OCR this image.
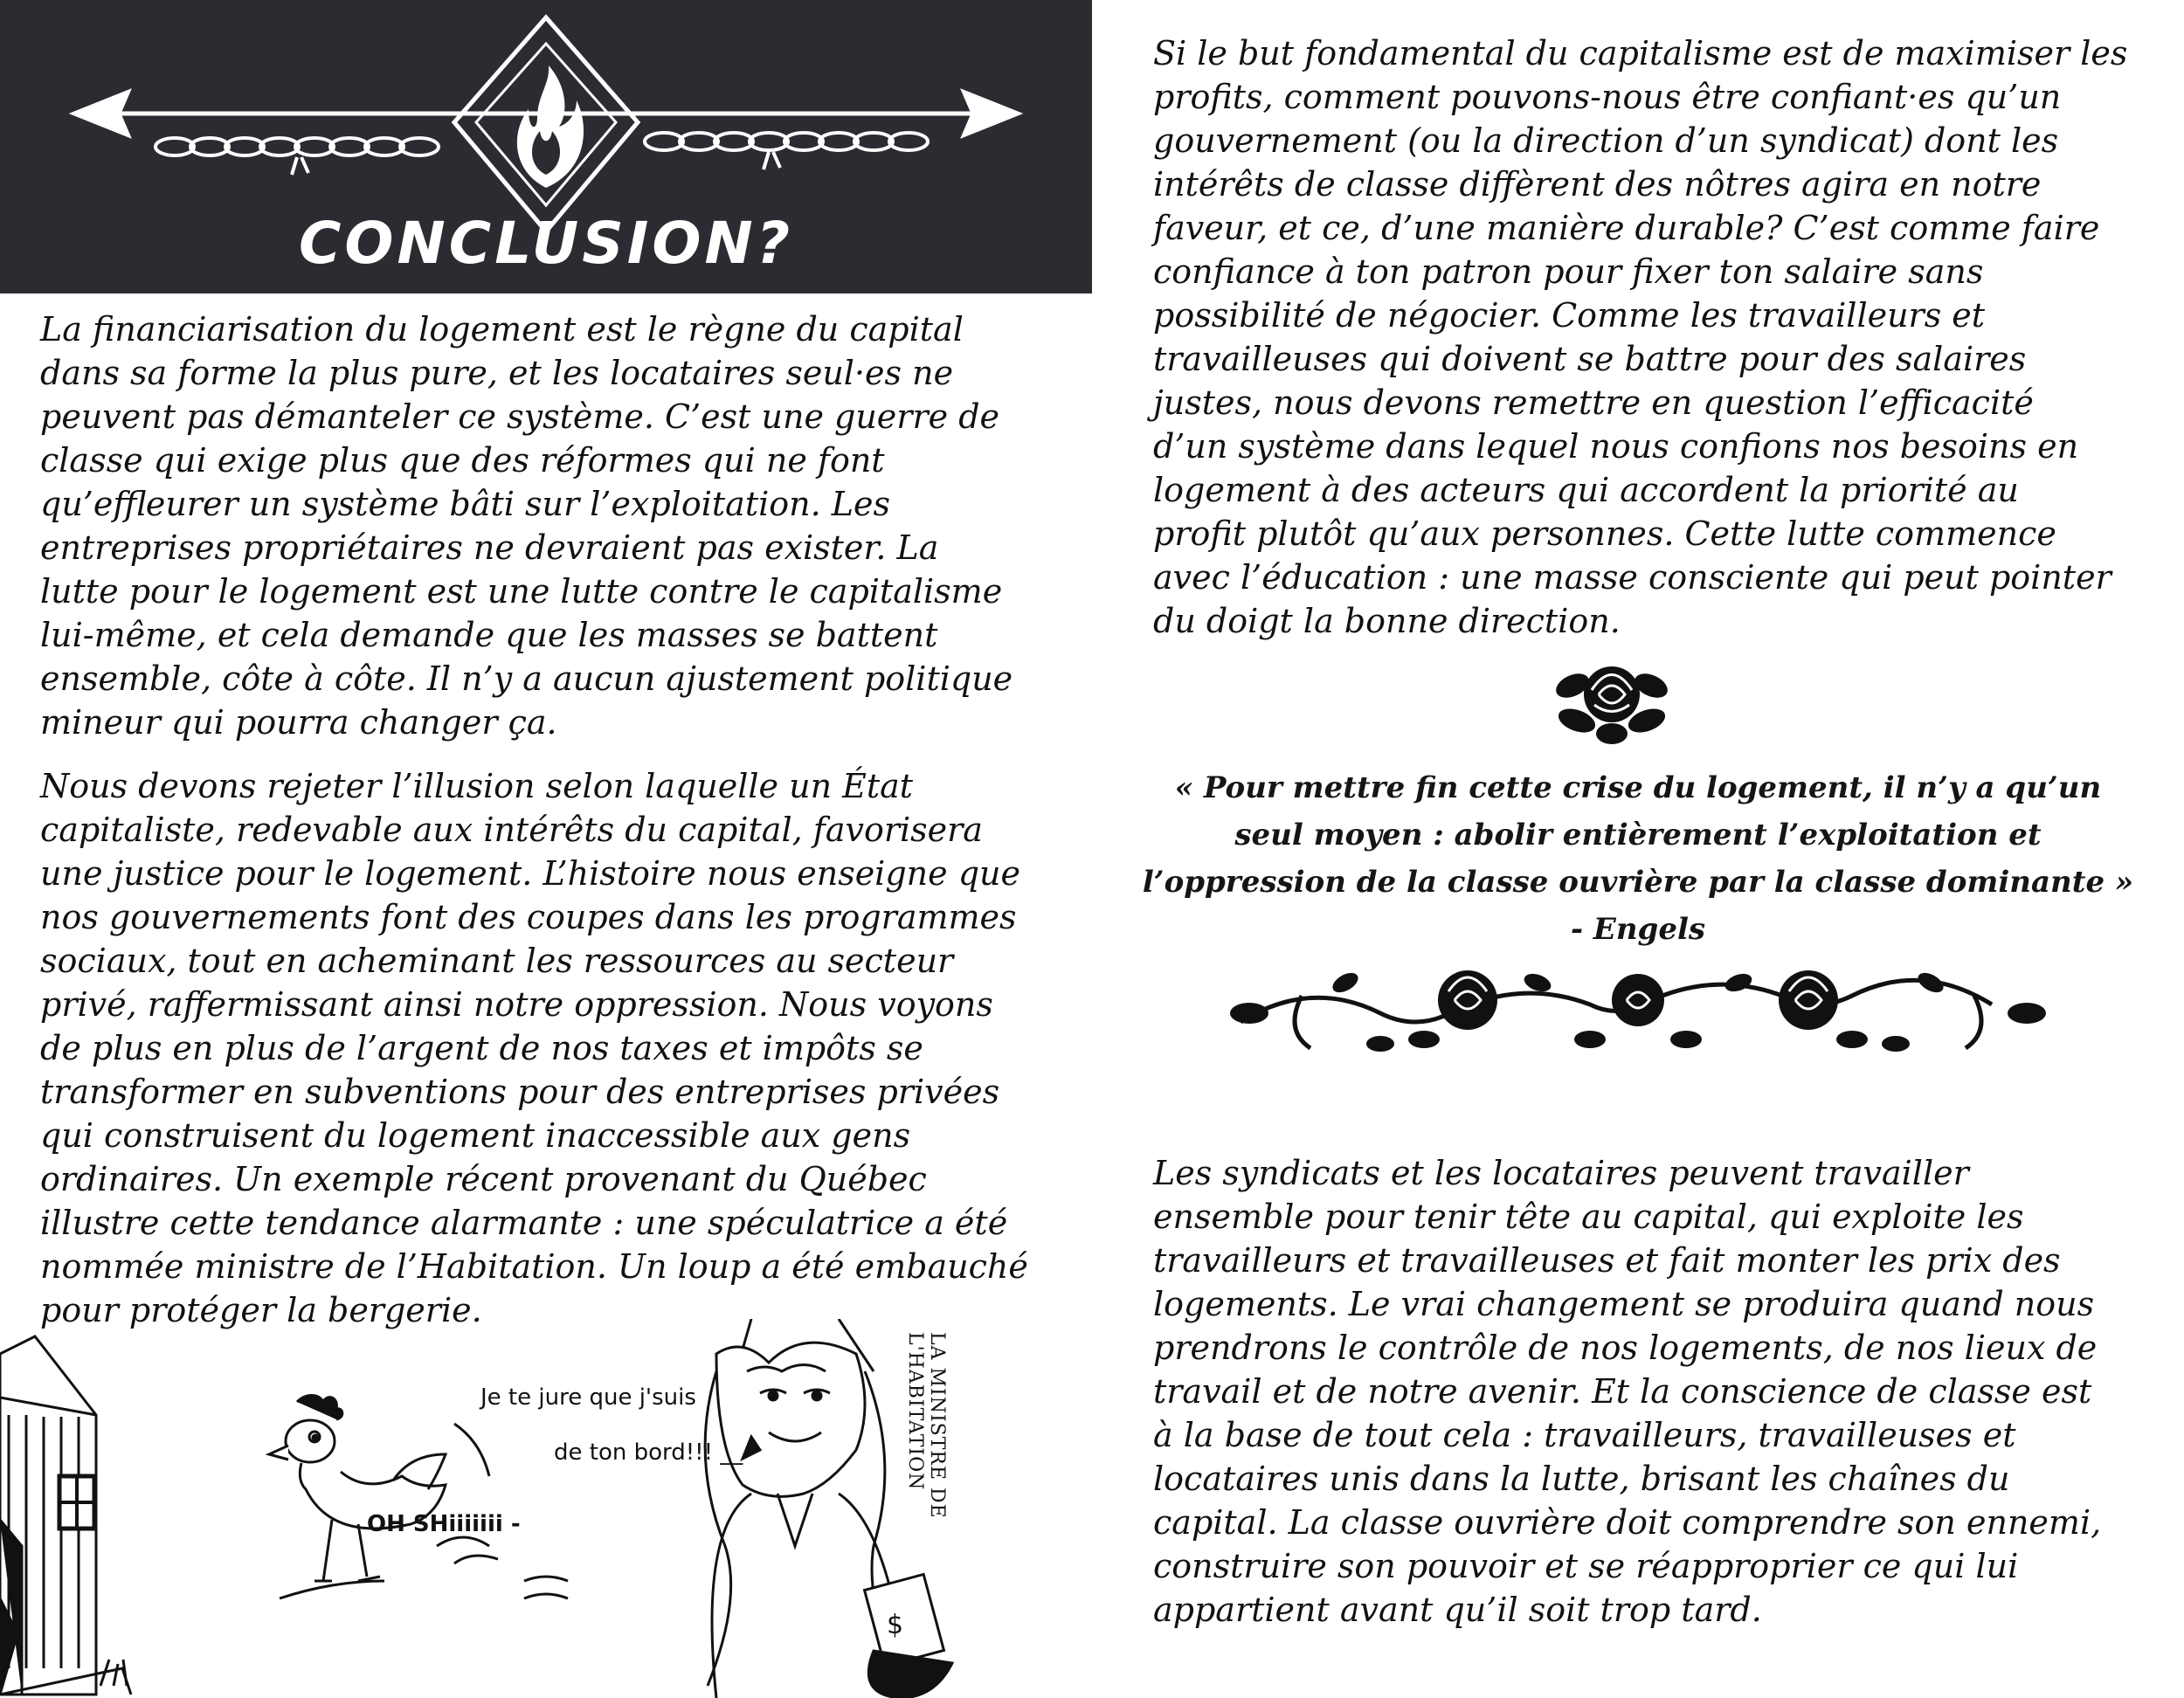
CONCLUSION?
La financiarisation du logement est le règne du capital
dans sa forme la plus pure, et les locataires seul·es ne
peuvent pas démanteler ce système. C’est une guerre de
classe qui exige plus que des réformes qui ne font
qu’effleurer un système bâti sur l’exploitation. Les
entreprises propriétaires ne devraient pas exister. La
lutte pour le logement est une lutte contre le capitalisme
lui-même, et cela demande que les masses se battent
ensemble, côte à côte. Il n’y a aucun ajustement politique
mineur qui pourra changer ça.
Nous devons rejeter l’illusion selon laquelle un État
capitaliste, redevable aux intérêts du capital, favorisera
une justice pour le logement. L’histoire nous enseigne que
nos gouvernements font des coupes dans les programmes
sociaux, tout en acheminant les ressources au secteur
privé, raffermissant ainsi notre oppression. Nous voyons
de plus en plus de l’argent de nos taxes et impôts se
transformer en subventions pour des entreprises privées
qui construisent du logement inaccessible aux gens
ordinaires. Un exemple récent provenant du Québec
illustre cette tendance alarmante : une spéculatrice a été
nommée ministre de l’Habitation. Un loup a été embauché
pour protéger la bergerie.
$
Je te jure que j'suis
de ton bord!!! __
OH SHiiiiiii -
LA MINISTRE DE L'HABITATION
Si le but fondamental du capitalisme est de maximiser les
profits, comment pouvons-nous être confiant·es qu’un
gouvernement (ou la direction d’un syndicat) dont les
intérêts de classe diffèrent des nôtres agira en notre
faveur, et ce, d’une manière durable? C’est comme faire
confiance à ton patron pour fixer ton salaire sans
possibilité de négocier. Comme les travailleurs et
travailleuses qui doivent se battre pour des salaires
justes, nous devons remettre en question l’efficacité
d’un système dans lequel nous confions nos besoins en
logement à des acteurs qui accordent la priorité au
profit plutôt qu’aux personnes. Cette lutte commence
avec l’éducation : une masse consciente qui peut pointer
du doigt la bonne direction.
« Pour mettre fin cette crise du logement, il n’y a qu’un
seul moyen : abolir entièrement l’exploitation et
l’oppression de la classe ouvrière par la classe dominante »

- Engels
Les syndicats et les locataires peuvent travailler
ensemble pour tenir tête au capital, qui exploite les
travailleurs et travailleuses et fait monter les prix des
logements. Le vrai changement se produira quand nous
prendrons le contrôle de nos logements, de nos lieux de
travail et de notre avenir. Et la conscience de classe est
à la base de tout cela : travailleurs, travailleuses et
locataires unis dans la lutte, brisant les chaînes du
capital. La classe ouvrière doit comprendre son ennemi,
construire son pouvoir et se réapproprier ce qui lui
appartient avant qu’il soit trop tard.
